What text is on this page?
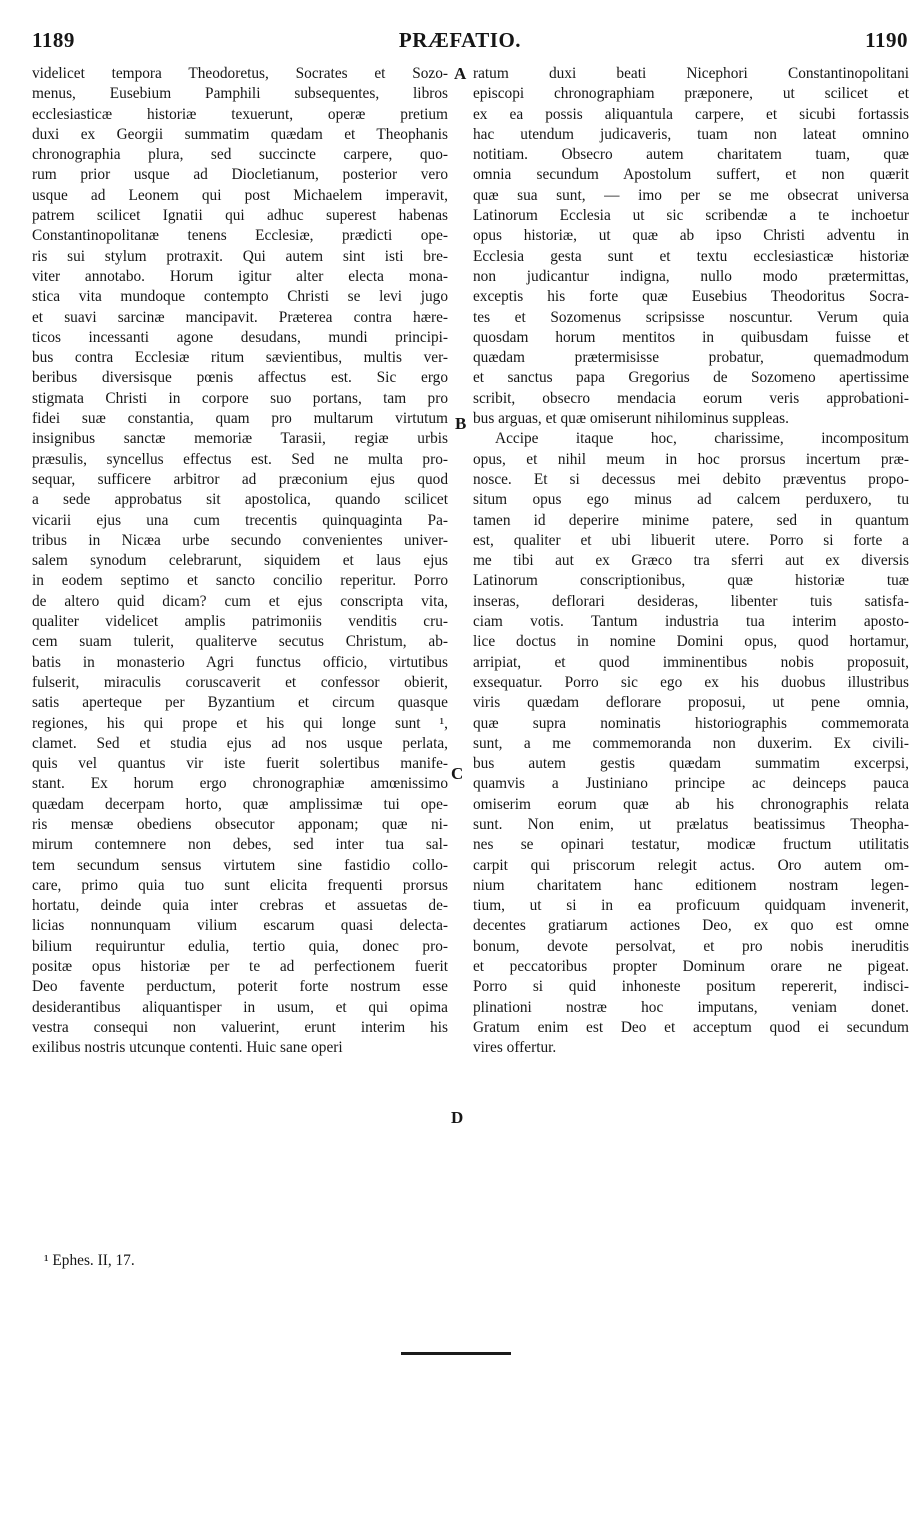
1189	PRÆFATIO.	1190
videlicet tempora Theodoretus, Socrates et Sozo-
menus, Eusebium Pamphili subsequentes, libros
ecclesiasticæ historiæ texuerunt, operæ pretium
duxi ex Georgii summatim quædam et Theophanis
chronographia plura, sed succincte carpere, quo-
rum prior usque ad Diocletianum, posterior vero
usque ad Leonem qui post Michaelem imperavit,
patrem scilicet Ignatii qui adhuc superest habenas
Constantinopolitanæ tenens Ecclesiæ, prædicti ope-
ris sui stylum protraxit. Qui autem sint isti bre-
viter annotabo. Horum igitur alter electa mona-
stica vita mundoque contempto Christi se levi jugo
et suavi sarcinæ mancipavit. Præterea contra hære-
ticos incessanti agone desudans, mundi principi-
bus contra Ecclesiæ ritum sævientibus, multis ver-
beribus diversisque pœnis affectus est. Sic ergo
stigmata Christi in corpore suo portans, tam pro
fidei suæ constantia, quam pro multarum virtutum
insignibus sanctæ memoriæ Tarasii, regiæ urbis
præsulis, syncellus effectus est. Sed ne multa pro-
sequar, sufficere arbitror ad præconium ejus quod
a sede approbatus sit apostolica, quando scilicet
vicarii ejus una cum trecentis quinquaginta Pa-
tribus in Nicæa urbe secundo convenientes univer-
salem synodum celebrarunt, siquidem et laus ejus
in eodem septimo et sancto concilio reperitur. Porro
de altero quid dicam? cum et ejus conscripta vita,
qualiter videlicet amplis patrimoniis venditis cru-
cem suam tulerit, qualiterve secutus Christum, ab-
batis in monasterio Agri functus officio, virtutibus
fulserit, miraculis coruscaverit et confessor obierit,
satis aperteque per Byzantium et circum quasque
regiones, his qui prope et his qui longe sunt ¹,
clamet. Sed et studia ejus ad nos usque perlata,
quis vel quantus vir iste fuerit solertibus manife-
stant. Ex horum ergo chronographiæ amœnissimo
quædam decerpam horto, quæ amplissimæ tui ope-
ris mensæ obediens obsecutor apponam; quæ ni-
mirum contemnere non debes, sed inter tua sal-
tem secundum sensus virtutem sine fastidio collo-
care, primo quia tuo sunt elicita frequenti prorsus
hortatu, deinde quia inter crebras et assuetas de-
licias nonnunquam vilium escarum quasi delecta-
bilium requiruntur edulia, tertio quia, donec pro-
positæ opus historiæ per te ad perfectionem fuerit
Deo favente perductum, poterit forte nostrum esse
desiderantibus aliquantisper in usum, et qui opima
vestra consequi non valuerint, erunt interim his
exilibus nostris utcunque contenti. Huic sane operi
ratum duxi beati Nicephori Constantinopolitani
episcopi chronographiam præponere, ut scilicet et
ex ea possis aliquantula carpere, et sicubi fortassis
hac utendum judicaveris, tuam non lateat omnino
notitiam. Obsecro autem charitatem tuam, quæ
omnia secundum Apostolum suffert, et non quærit
quæ sua sunt, — imo per se me obsecrat universa
Latinorum Ecclesia ut sic scribendæ a te inchoetur
opus historiæ, ut quæ ab ipso Christi adventu in
Ecclesia gesta sunt et textu ecclesiasticæ historiæ
non judicantur indigna, nullo modo prætermittas,
exceptis his forte quæ Eusebius Theodoritus Socra-
tes et Sozomenus scripsisse noscuntur. Verum quia
quosdam horum mentitos in quibusdam fuisse et
quædam prætermisisse probatur, quemadmodum
et sanctus papa Gregorius de Sozomeno apertissime
scribit, obsecro mendacia eorum veris approbationi-
bus arguas, et quæ omiserunt nihilominus suppleas.
Accipe itaque hoc, charissime, incompositum
opus, et nihil meum in hoc prorsus incertum præ-
nosce. Et si decessus mei debito præventus propo-
situm opus ego minus ad calcem perduxero, tu
tamen id deperire minime patere, sed in quantum
est, qualiter et ubi libuerit utere. Porro si forte a
me tibi aut ex Græco tra sferri aut ex diversis
Latinorum conscriptionibus, quæ historiæ tuæ
inseras, deflorari desideras, libenter tuis satisfa-
ciam votis. Tantum industria tua interim aposto-
lice doctus in nomine Domini opus, quod hortamur,
arripiat, et quod imminentibus nobis proposuit,
exsequatur. Porro sic ego ex his duobus illustribus
viris quædam deflorare proposui, ut pene omnia,
quæ supra nominatis historiographis commemorata
sunt, a me commemoranda non duxerim. Ex civili-
bus autem gestis quædam summatim excerpsi,
quamvis a Justiniano principe ac deinceps pauca
omiserim eorum quæ ab his chronographis relata
sunt. Non enim, ut prælatus beatissimus Theopha-
nes se opinari testatur, modicæ fructum utilitatis
carpit qui priscorum relegit actus. Oro autem om-
nium charitatem hanc editionem nostram legen-
tium, ut si in ea proficuum quidquam invenerit,
decentes gratiarum actiones Deo, ex quo est omne
bonum, devote persolvat, et pro nobis ineruditis
et peccatoribus propter Dominum orare ne pigeat.
Porro si quid inhoneste positum repererit, indisci-
plinationi nostræ hoc imputans, veniam donet.
Gratum enim est Deo et acceptum quod ei secundum
vires offertur.
A
B
C
D
¹ Ephes. II, 17.
